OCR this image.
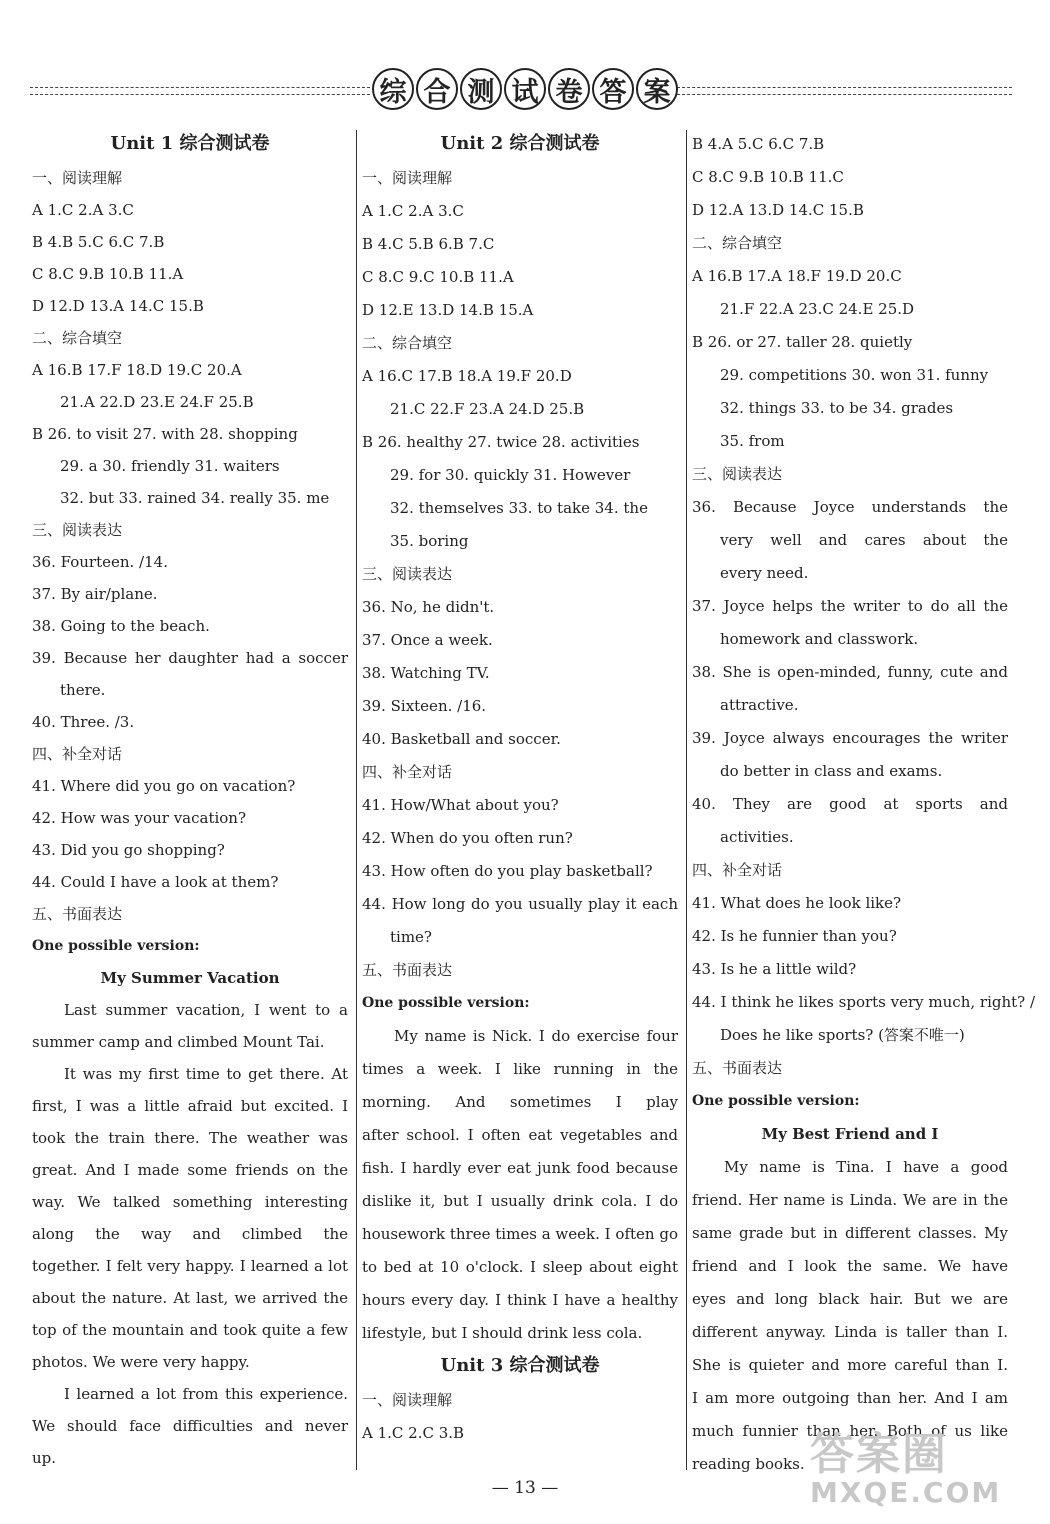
综 合 测 试 卷 答 案
Unit 1 综合测试卷
一、阅读理解
A 1.C 2.A 3.C
B 4.B 5.C 6.C 7.B
C 8.C 9.B 10.B 11.A
D 12.D 13.A 14.C 15.B
二、综合填空
A 16.B 17.F 18.D 19.C 20.A
21.A 22.D 23.E 24.F 25.B
B 26. to visit 27. with 28. shopping
29. a 30. friendly 31. waiters
32. but 33. rained 34. really 35. me
三、阅读表达
36. Fourteen. /14.
37. By air/plane.
38. Going to the beach.
39. Because her daughter had a soccer
there.
40. Three. /3.
四、补全对话
41. Where did you go on vacation?
42. How was your vacation?
43. Did you go shopping?
44. Could I have a look at them?
五、书面表达
One possible version:
My Summer Vacation
Last summer vacation, I went to a
summer camp and climbed Mount Tai.
It was my first time to get there. At
first, I was a little afraid but excited. I
took the train there. The weather was
great. And I made some friends on the
way. We talked something interesting
along the way and climbed the
together. I felt very happy. I learned a lot
about the nature. At last, we arrived the
top of the mountain and took quite a few
photos. We were very happy.
I learned a lot from this experience.
We should face difficulties and never
up.
Unit 2 综合测试卷
一、阅读理解
A 1.C 2.A 3.C
B 4.C 5.B 6.B 7.C
C 8.C 9.C 10.B 11.A
D 12.E 13.D 14.B 15.A
二、综合填空
A 16.C 17.B 18.A 19.F 20.D
21.C 22.F 23.A 24.D 25.B
B 26. healthy 27. twice 28. activities
29. for 30. quickly 31. However
32. themselves 33. to take 34. the
35. boring
三、阅读表达
36. No, he didn't.
37. Once a week.
38. Watching TV.
39. Sixteen. /16.
40. Basketball and soccer.
四、补全对话
41. How/What about you?
42. When do you often run?
43. How often do you play basketball?
44. How long do you usually play it each
time?
五、书面表达
One possible version:
My name is Nick. I do exercise four
times a week. I like running in the
morning. And sometimes I play
after school. I often eat vegetables and
fish. I hardly ever eat junk food because
dislike it, but I usually drink cola. I do
housework three times a week. I often go
to bed at 10 o'clock. I sleep about eight
hours every day. I think I have a healthy
lifestyle, but I should drink less cola.
Unit 3 综合测试卷
一、阅读理解
A 1.C 2.C 3.B
B 4.A 5.C 6.C 7.B
C 8.C 9.B 10.B 11.C
D 12.A 13.D 14.C 15.B
二、综合填空
A 16.B 17.A 18.F 19.D 20.C
21.F 22.A 23.C 24.E 25.D
B 26. or 27. taller 28. quietly
29. competitions 30. won 31. funny
32. things 33. to be 34. grades
35. from
三、阅读表达
36. Because Joyce understands the
very well and cares about the
every need.
37. Joyce helps the writer to do all the
homework and classwork.
38. She is open-minded, funny, cute and
attractive.
39. Joyce always encourages the writer
do better in class and exams.
40. They are good at sports and
activities.
四、补全对话
41. What does he look like?
42. Is he funnier than you?
43. Is he a little wild?
44. I think he likes sports very much, right? /
Does he like sports? (答案不唯一)
五、书面表达
One possible version:
My Best Friend and I
My name is Tina. I have a good
friend. Her name is Linda. We are in the
same grade but in different classes. My
friend and I look the same. We have
eyes and long black hair. But we are
different anyway. Linda is taller than I.
She is quieter and more careful than I.
I am more outgoing than her. And I am
much funnier than her. Both of us like
reading books.
— 13 —
答案圈
MXQE.COM
